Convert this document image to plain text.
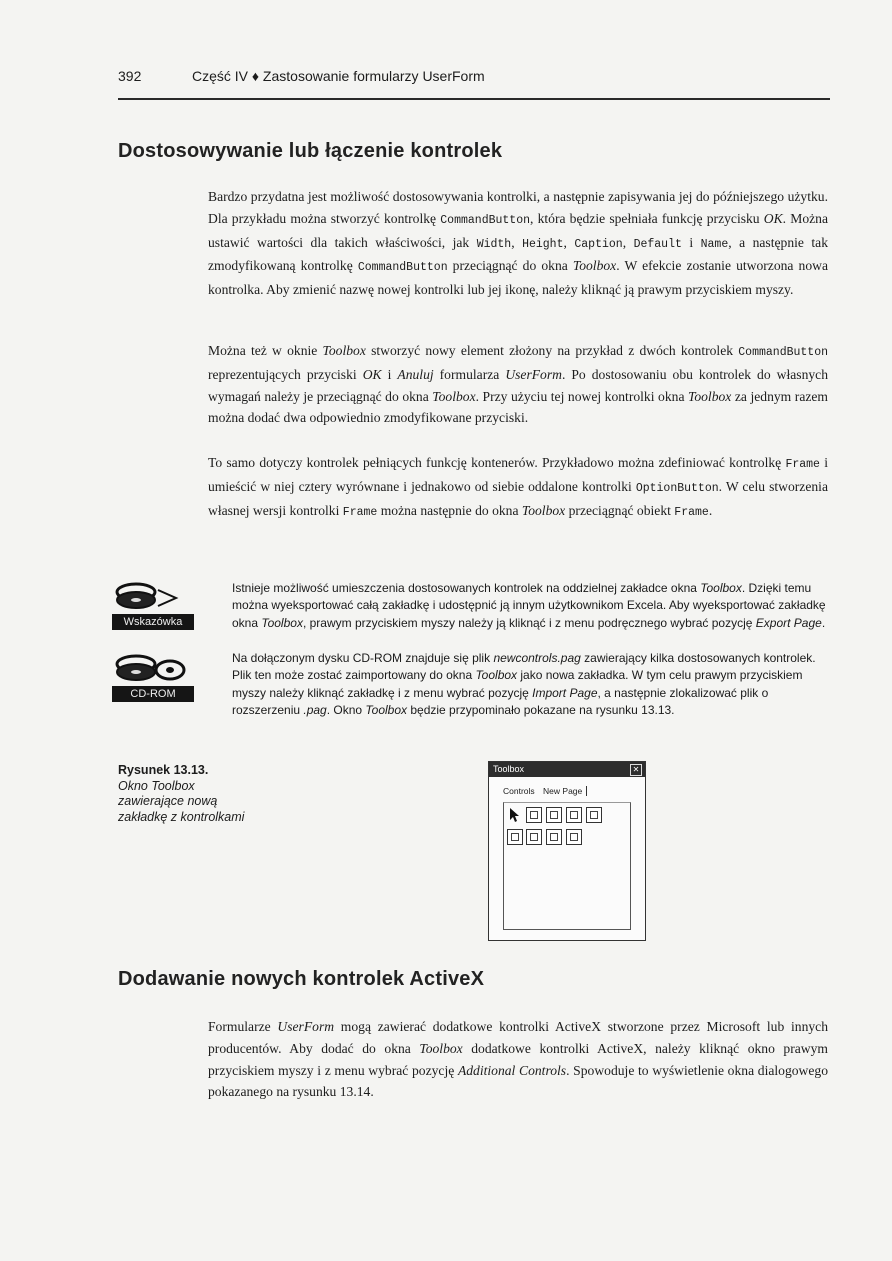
392	Część IV ♦ Zastosowanie formularzy UserForm
Dostosowywanie lub łączenie kontrolek

Bardzo przydatna jest możliwość dostosowywania kontrolki, a następnie zapisywania jej do późniejszego użytku. Dla przykładu można stworzyć kontrolkę CommandButton, która będzie spełniała funkcję przycisku OK. Można ustawić wartości dla takich właściwości, jak Width, Height, Caption, Default i Name, a następnie tak zmodyfikowaną kontrolkę CommandButton przeciągnąć do okna Toolbox. W efekcie zostanie utworzona nowa kontrolka. Aby zmienić nazwę nowej kontrolki lub jej ikonę, należy kliknąć ją prawym przyciskiem myszy.

Można też w oknie Toolbox stworzyć nowy element złożony na przykład z dwóch kontrolek CommandButton reprezentujących przyciski OK i Anuluj formularza UserForm. Po dostosowaniu obu kontrolek do własnych wymagań należy je przeciągnąć do okna Toolbox. Przy użyciu tej nowej kontrolki okna Toolbox za jednym razem można dodać dwa odpowiednio zmodyfikowane przyciski.

To samo dotyczy kontrolek pełniących funkcję kontenerów. Przykładowo można zdefiniować kontrolkę Frame i umieścić w niej cztery wyrównane i jednakowo od siebie oddalone kontrolki OptionButton. W celu stworzenia własnej wersji kontrolki Frame można następnie do okna Toolbox przeciągnąć obiekt Frame.

Wskazówka

Istnieje możliwość umieszczenia dostosowanych kontrolek na oddzielnej zakładce okna Toolbox. Dzięki temu można wyeksportować całą zakładkę i udostępnić ją innym użytkownikom Excela. Aby wyeksportować zakładkę okna Toolbox, prawym przyciskiem myszy należy ją kliknąć i z menu podręcznego wybrać pozycję Export Page.

CD-ROM

Na dołączonym dysku CD-ROM znajduje się plik newcontrols.pag zawierający kilka dostosowanych kontrolek. Plik ten może zostać zaimportowany do okna Toolbox jako nowa zakładka. W tym celu prawym przyciskiem myszy należy kliknąć zakładkę i z menu wybrać pozycję Import Page, a następnie zlokalizować plik o rozszerzeniu .pag. Okno Toolbox będzie przypominało pokazane na rysunku 13.13.

Rysunek 13.13.
Okno Toolbox zawierające nową zakładkę z kontrolkami
Toolbox	✕
Controls New Page
Dodawanie nowych kontrolek ActiveX

Formularze UserForm mogą zawierać dodatkowe kontrolki ActiveX stworzone przez Microsoft lub innych producentów. Aby dodać do okna Toolbox dodatkowe kontrolki ActiveX, należy kliknąć okno prawym przyciskiem myszy i z menu wybrać pozycję Additional Controls. Spowoduje to wyświetlenie okna dialogowego pokazanego na rysunku 13.14.
